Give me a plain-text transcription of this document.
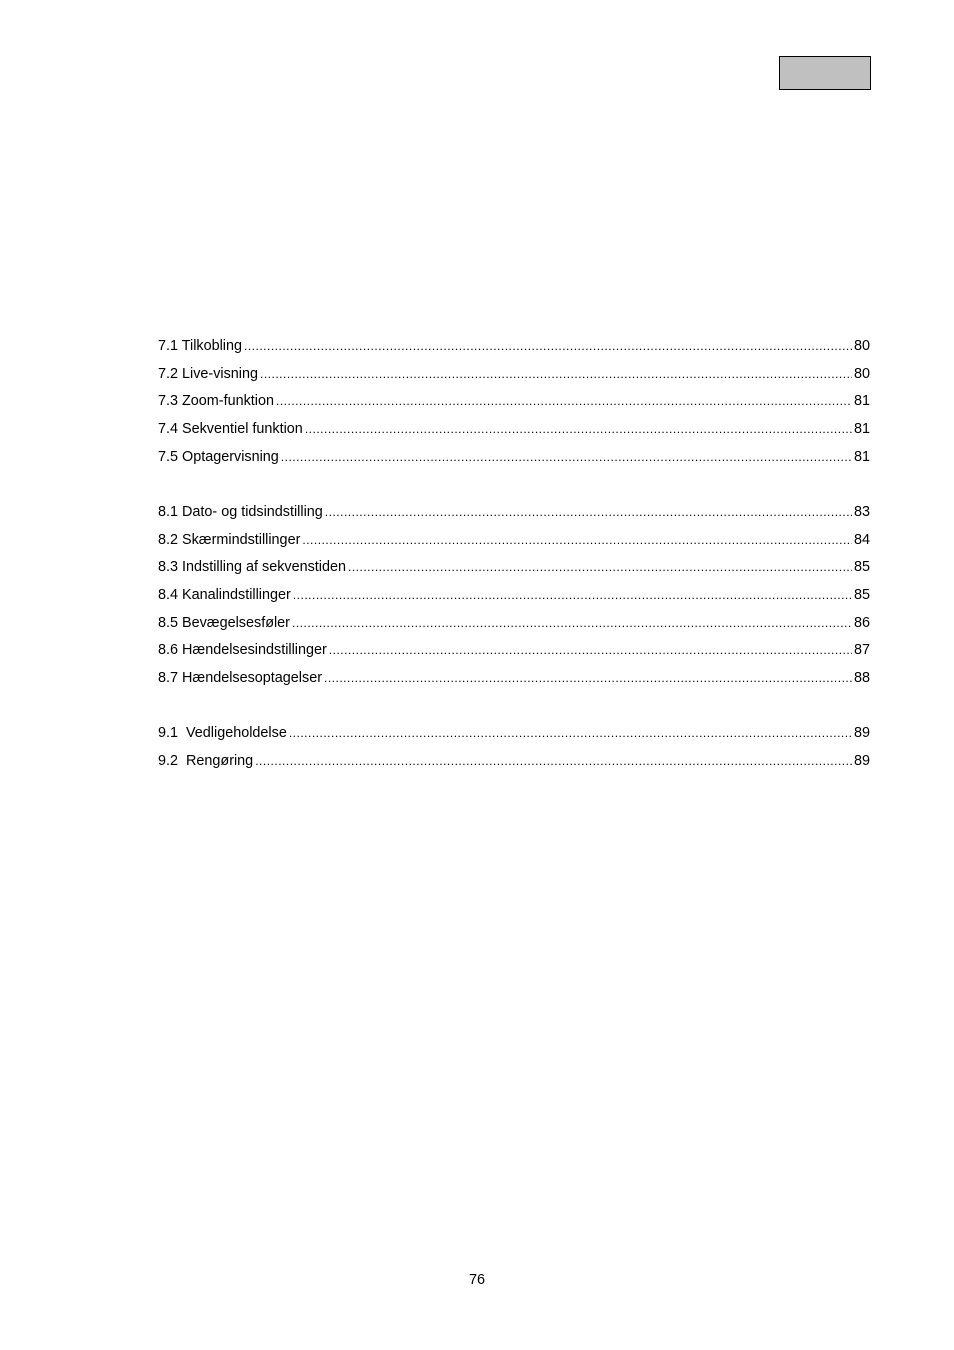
7.1 Tilkobling .....	80
7.2 Live-visning .....	80
7.3 Zoom-funktion .....	81
7.4 Sekventiel funktion .....	81
7.5 Optagervisning .....	81
8.1 Dato- og tidsindstilling .....	83
8.2 Skærmindstillinger .....	84
8.3 Indstilling af sekvenstiden .....	85
8.4 Kanalindstillinger .....	85
8.5 Bevægelsesføler .....	86
8.6 Hændelsesindstillinger .....	87
8.7 Hændelsesoptagelser .....	88
9.1  Vedligeholdelse .....	89
9.2  Rengøring .....	89
76
